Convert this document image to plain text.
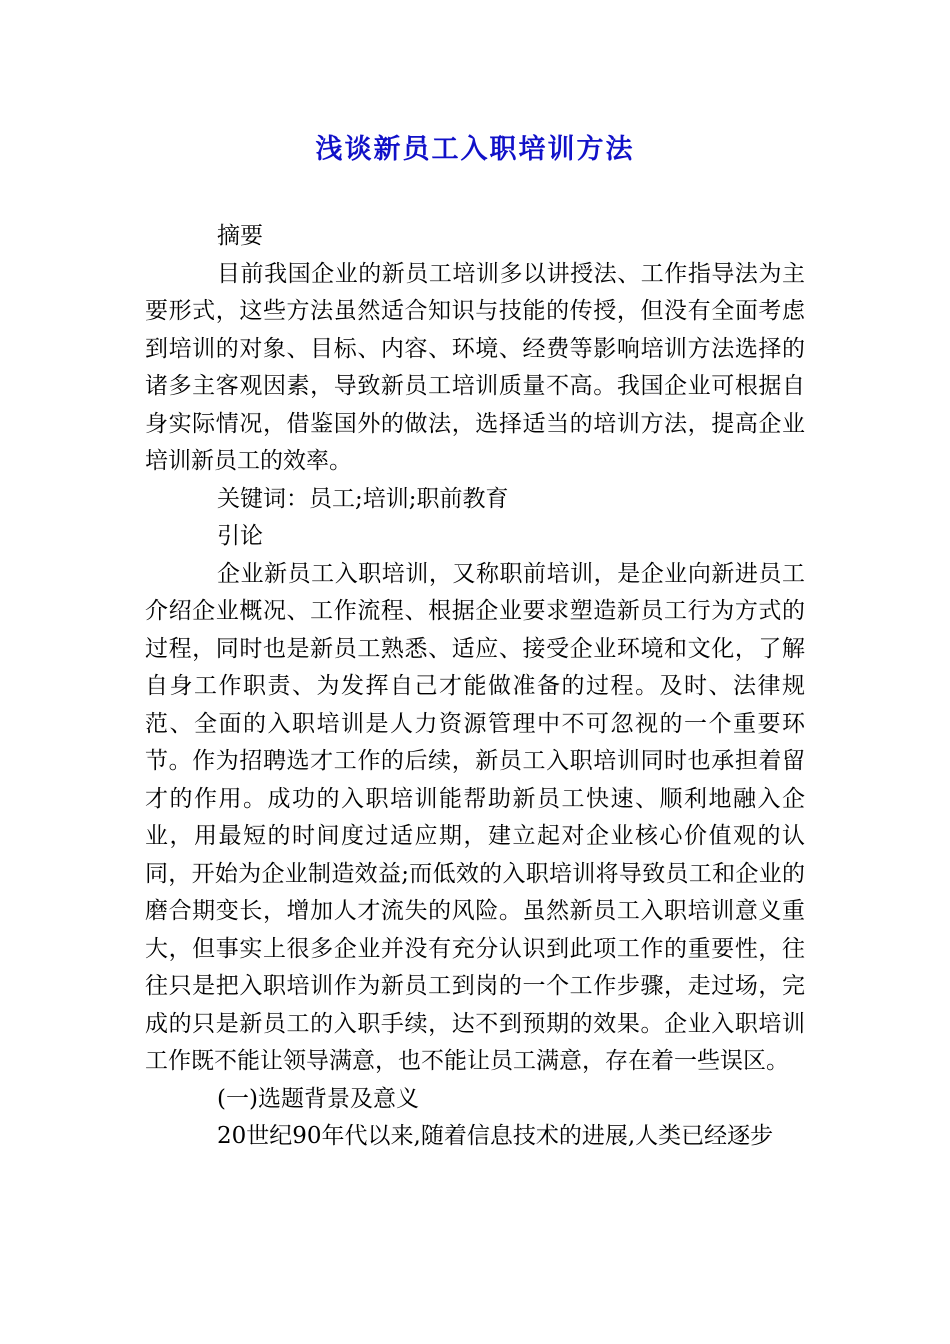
浅谈新员工入职培训方法

摘要

目前我国企业的新员工培训多以讲授法、工作指导法为主要形式，这些方法虽然适合知识与技能的传授，但没有全面考虑到培训的对象、目标、内容、环境、经费等影响培训方法选择的诸多主客观因素，导致新员工培训质量不高。我国企业可根据自身实际情况，借鉴国外的做法，选择适当的培训方法，提高企业培训新员工的效率。

关键词：员工;培训;职前教育

引论

企业新员工入职培训，又称职前培训，是企业向新进员工介绍企业概况、工作流程、根据企业要求塑造新员工行为方式的过程，同时也是新员工熟悉、适应、接受企业环境和文化，了解自身工作职责、为发挥自己才能做准备的过程。及时、法律规范、全面的入职培训是人力资源管理中不可忽视的一个重要环节。作为招聘选才工作的后续，新员工入职培训同时也承担着留才的作用。成功的入职培训能帮助新员工快速、顺利地融入企业，用最短的时间度过适应期，建立起对企业核心价值观的认同，开始为企业制造效益;而低效的入职培训将导致员工和企业的磨合期变长，增加人才流失的风险。虽然新员工入职培训意义重大，但事实上很多企业并没有充分认识到此项工作的重要性，往往只是把入职培训作为新员工到岗的一个工作步骤，走过场，完成的只是新员工的入职手续，达不到预期的效果。企业入职培训工作既不能让领导满意，也不能让员工满意，存在着一些误区。

(一)选题背景及意义

20世纪90年代以来,随着信息技术的进展,人类已经逐步
